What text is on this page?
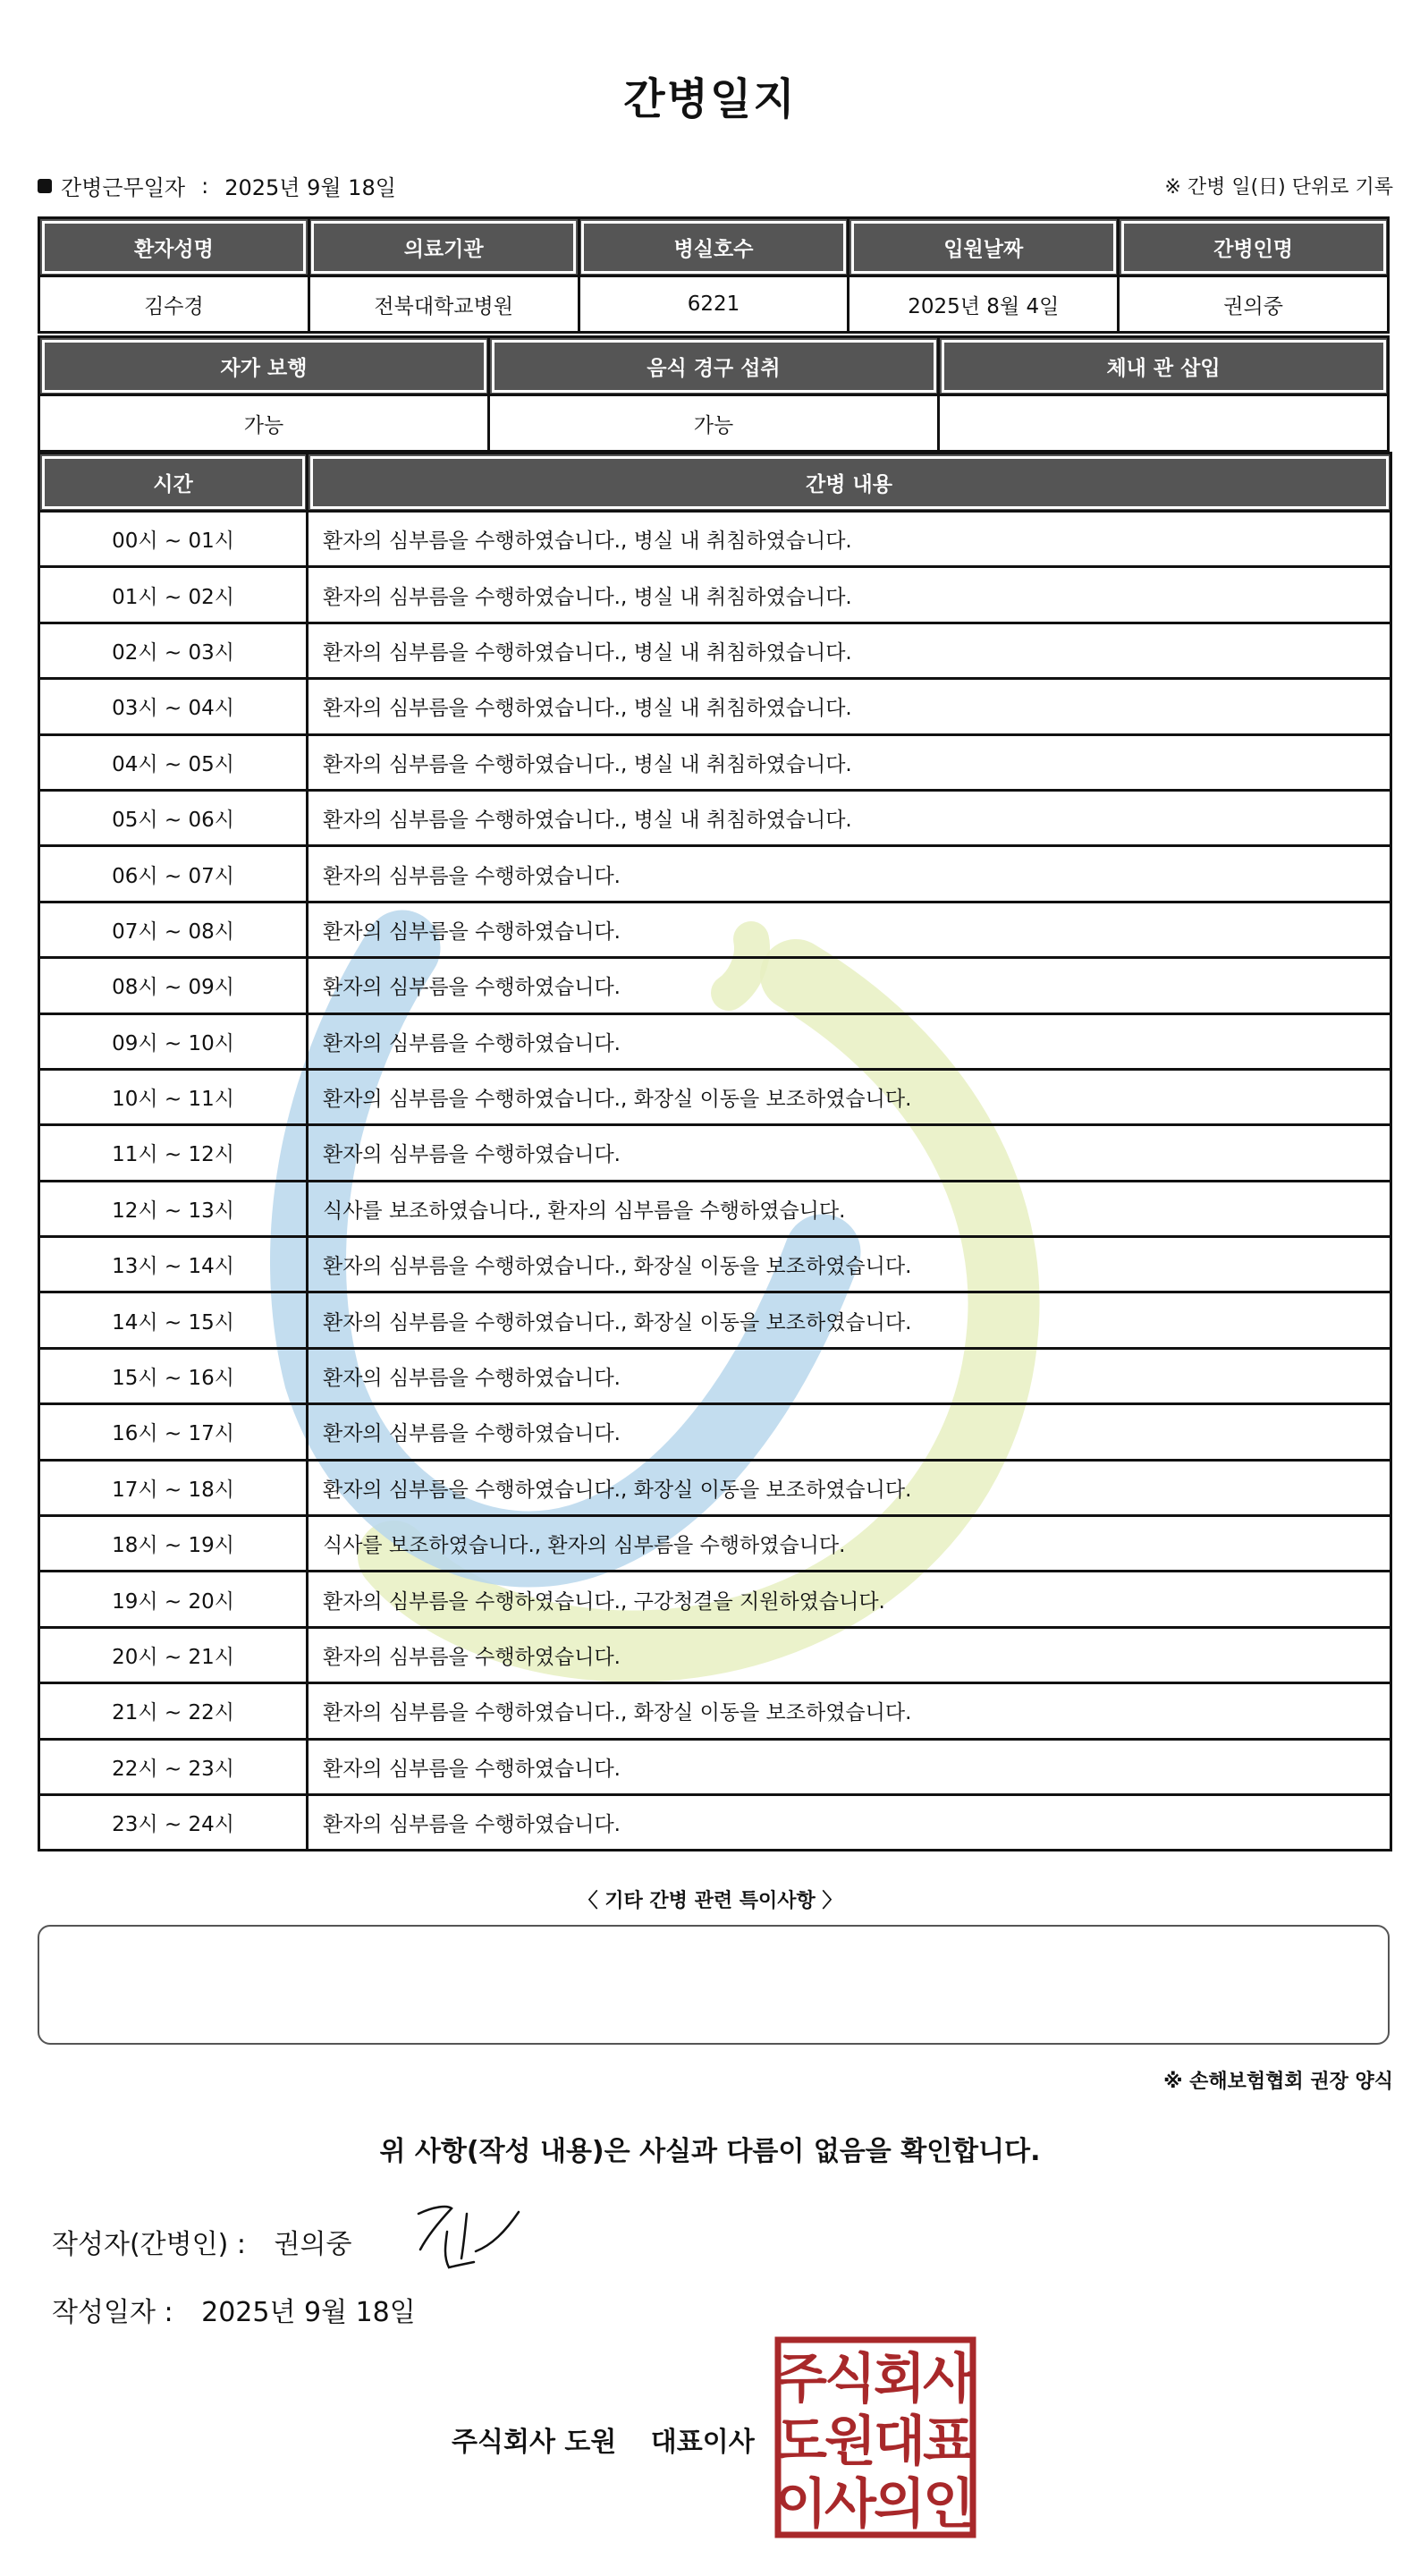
간병일지
간병근무일자 : 2025년 9월 18일	※ 간병 일(日) 단위로 기록
환자성명	의료기관	병실호수	입원날짜	간병인명
김수경	전북대학교병원	6221	2025년 8월 4일	권의중
자가 보행	음식 경구 섭취	체내 관 삽입
가능	가능	
시간	간병 내용
00시 ~ 01시	환자의 심부름을 수행하였습니다., 병실 내 취침하였습니다.
01시 ~ 02시	환자의 심부름을 수행하였습니다., 병실 내 취침하였습니다.
02시 ~ 03시	환자의 심부름을 수행하였습니다., 병실 내 취침하였습니다.
03시 ~ 04시	환자의 심부름을 수행하였습니다., 병실 내 취침하였습니다.
04시 ~ 05시	환자의 심부름을 수행하였습니다., 병실 내 취침하였습니다.
05시 ~ 06시	환자의 심부름을 수행하였습니다., 병실 내 취침하였습니다.
06시 ~ 07시	환자의 심부름을 수행하였습니다.
07시 ~ 08시	환자의 심부름을 수행하였습니다.
08시 ~ 09시	환자의 심부름을 수행하였습니다.
09시 ~ 10시	환자의 심부름을 수행하였습니다.
10시 ~ 11시	환자의 심부름을 수행하였습니다., 화장실 이동을 보조하였습니다.
11시 ~ 12시	환자의 심부름을 수행하였습니다.
12시 ~ 13시	식사를 보조하였습니다., 환자의 심부름을 수행하였습니다.
13시 ~ 14시	환자의 심부름을 수행하였습니다., 화장실 이동을 보조하였습니다.
14시 ~ 15시	환자의 심부름을 수행하였습니다., 화장실 이동을 보조하였습니다.
15시 ~ 16시	환자의 심부름을 수행하였습니다.
16시 ~ 17시	환자의 심부름을 수행하였습니다.
17시 ~ 18시	환자의 심부름을 수행하였습니다., 화장실 이동을 보조하였습니다.
18시 ~ 19시	식사를 보조하였습니다., 환자의 심부름을 수행하였습니다.
19시 ~ 20시	환자의 심부름을 수행하였습니다., 구강청결을 지원하였습니다.
20시 ~ 21시	환자의 심부름을 수행하였습니다.
21시 ~ 22시	환자의 심부름을 수행하였습니다., 화장실 이동을 보조하였습니다.
22시 ~ 23시	환자의 심부름을 수행하였습니다.
23시 ~ 24시	환자의 심부름을 수행하였습니다.
〈 기타 간병 관련 특이사항 〉
※ 손해보험협회 권장 양식
위 사항(작성 내용)은 사실과 다름이 없음을 확인합니다.
작성자(간병인) : 권의중
작성일자 : 2025년 9월 18일
주식회사 도원 대표이사
주
식
회
사
도
원
대
표
이
사
의
인
